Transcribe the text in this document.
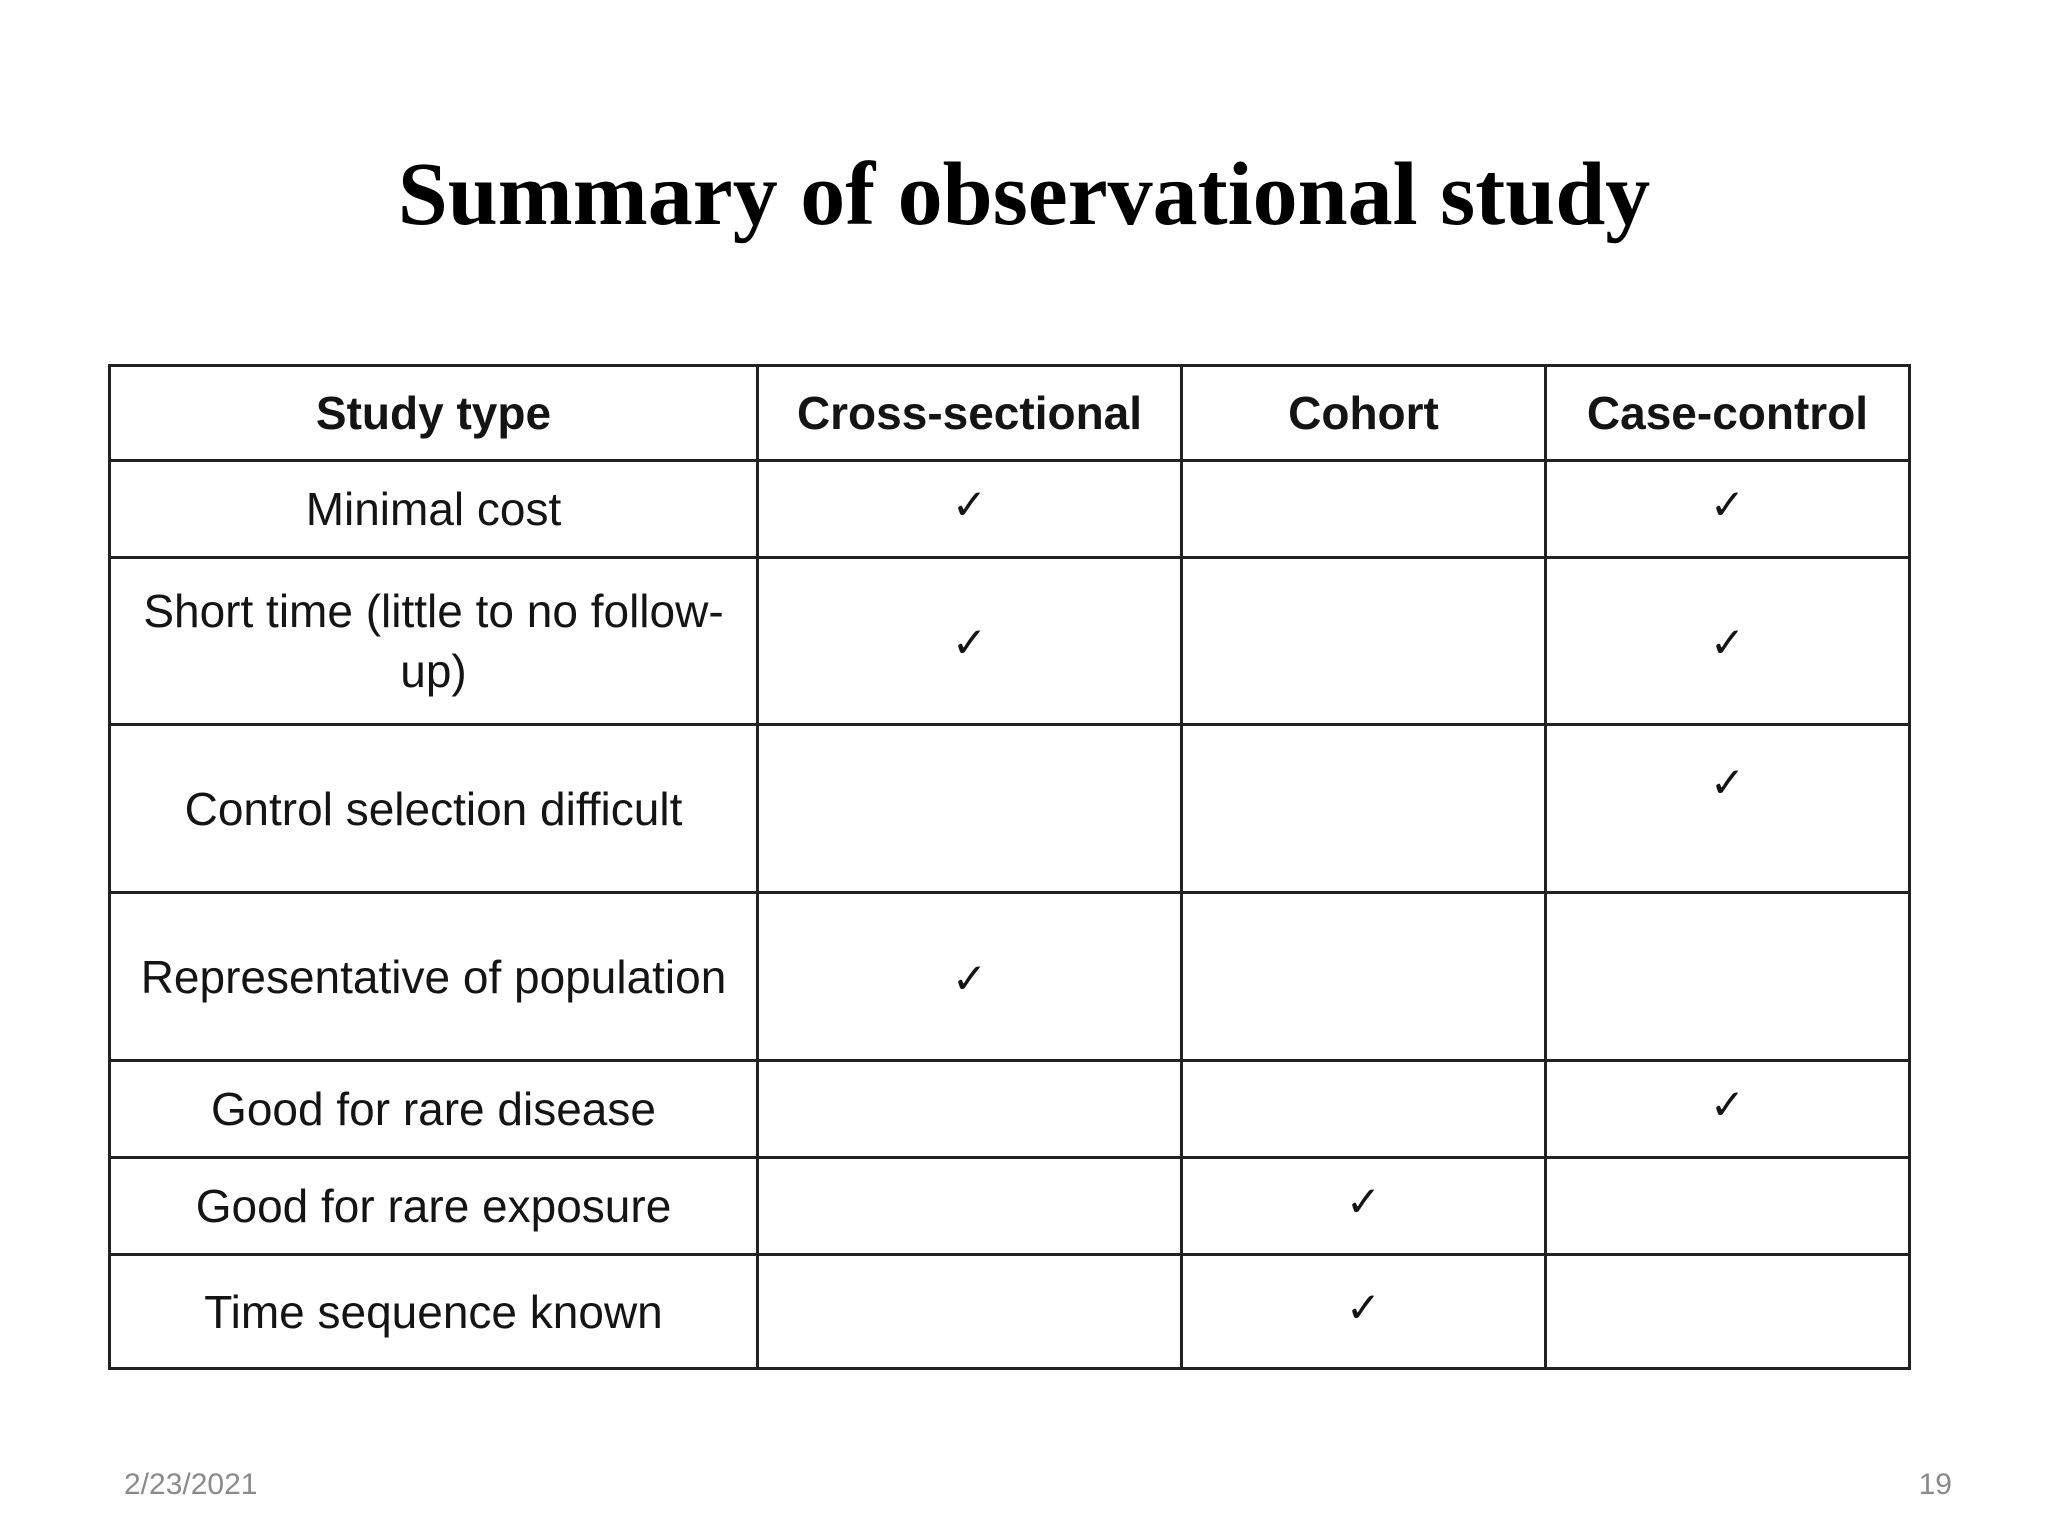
Summary of observational study
Study type	Cross-sectional	Cohort	Case-control
Minimal cost	✓		✓
Short time (little to no follow-up)	✓		✓
Control selection difficult			✓
Representative of population	✓		
Good for rare disease			✓
Good for rare exposure		✓	
Time sequence known		✓	
2/23/2021	19
